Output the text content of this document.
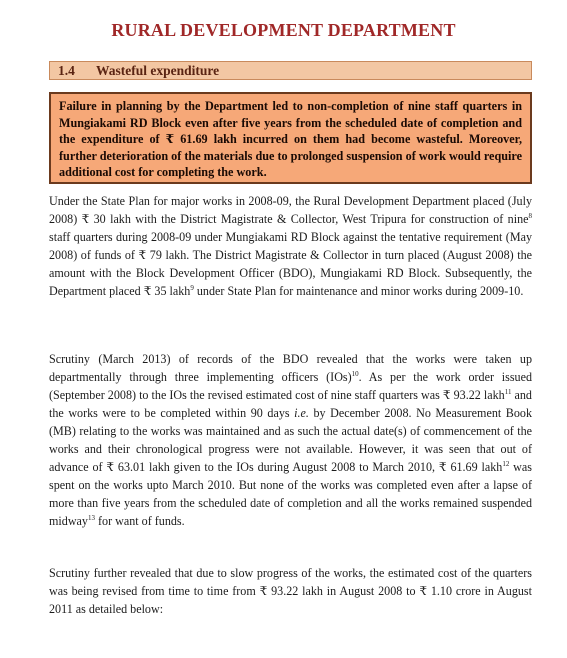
RURAL DEVELOPMENT DEPARTMENT
1.4	Wasteful expenditure
Failure in planning by the Department led to non-completion of nine staff quarters in Mungiakami RD Block even after five years from the scheduled date of completion and the expenditure of ₹ 61.69 lakh incurred on them had become wasteful. Moreover, further deterioration of the materials due to prolonged suspension of work would require additional cost for completing the work.
Under the State Plan for major works in 2008-09, the Rural Development Department placed (July 2008) ₹ 30 lakh with the District Magistrate & Collector, West Tripura for construction of nine$^8$ staff quarters during 2008-09 under Mungiakami RD Block against the tentative requirement (May 2008) of funds of ₹ 79 lakh. The District Magistrate & Collector in turn placed (August 2008) the amount with the Block Development Officer (BDO), Mungiakami RD Block. Subsequently, the Department placed ₹ 35 lakh$^9$ under State Plan for maintenance and minor works during 2009-10.
Scrutiny (March 2013) of records of the BDO revealed that the works were taken up departmentally through three implementing officers (IOs)$^{10}$. As per the work order issued (September 2008) to the IOs the revised estimated cost of nine staff quarters was ₹ 93.22 lakh$^{11}$ and the works were to be completed within 90 days i.e. by December 2008. No Measurement Book (MB) relating to the works was maintained and as such the actual date(s) of commencement of the works and their chronological progress were not available. However, it was seen that out of advance of ₹ 63.01 lakh given to the IOs during August 2008 to March 2010, ₹ 61.69 lakh$^{12}$ was spent on the works upto March 2010. But none of the works was completed even after a lapse of more than five years from the scheduled date of completion and all the works remained suspended midway$^{13}$ for want of funds.
Scrutiny further revealed that due to slow progress of the works, the estimated cost of the quarters was being revised from time to time from ₹ 93.22 lakh in August 2008 to ₹ 1.10 crore in August 2011 as detailed below:
